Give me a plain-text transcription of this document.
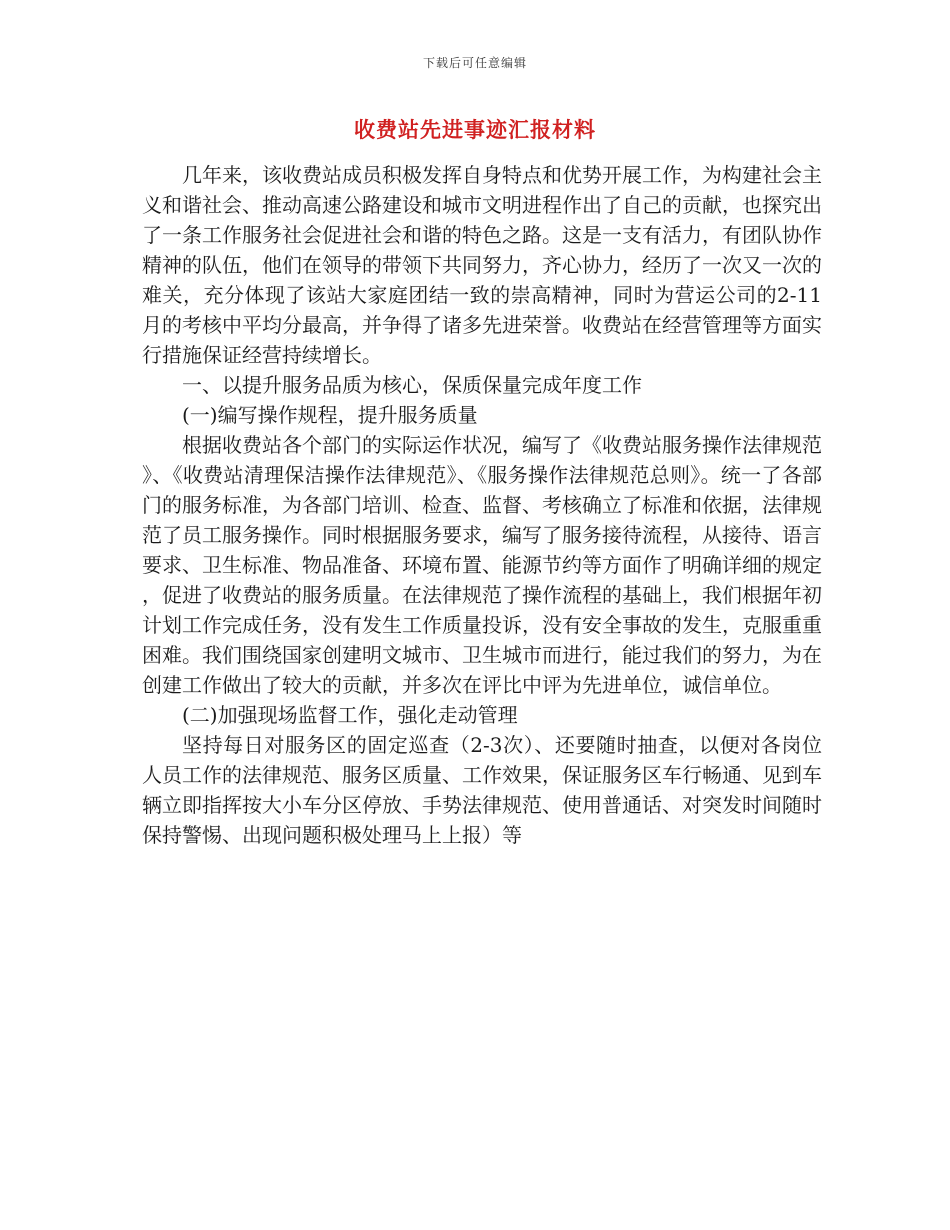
下载后可任意编辑
收费站先进事迹汇报材料

几年来，该收费站成员积极发挥自身特点和优势开展工作，为构建社会主义和谐社会、推动高速公路建设和城市文明进程作出了自己的贡献，也探究出了一条工作服务社会促进社会和谐的特色之路。这是一支有活力，有团队协作精神的队伍，他们在领导的带领下共同努力，齐心协力，经历了一次又一次的难关，充分体现了该站大家庭团结一致的崇高精神，同时为营运公司的2-11月的考核中平均分最高，并争得了诸多先进荣誉。收费站在经营管理等方面实行措施保证经营持续增长。

一、以提升服务品质为核心，保质保量完成年度工作

(一)编写操作规程，提升服务质量

根据收费站各个部门的实际运作状况，编写了《收费站服务操作法律规范》、《收费站清理保洁操作法律规范》、《服务操作法律规范总则》。统一了各部门的服务标准，为各部门培训、检查、监督、考核确立了标准和依据，法律规范了员工服务操作。同时根据服务要求，编写了服务接待流程，从接待、语言要求、卫生标准、物品准备、环境布置、能源节约等方面作了明确详细的规定，促进了收费站的服务质量。在法律规范了操作流程的基础上，我们根据年初计划工作完成任务，没有发生工作质量投诉，没有安全事故的发生，克服重重困难。我们围绕国家创建明文城市、卫生城市而进行，能过我们的努力，为在创建工作做出了较大的贡献，并多次在评比中评为先进单位，诚信单位。

(二)加强现场监督工作，强化走动管理

坚持每日对服务区的固定巡查（2-3次）、还要随时抽查，以便对各岗位人员工作的法律规范、服务区质量、工作效果，保证服务区车行畅通、见到车辆立即指挥按大小车分区停放、手势法律规范、使用普通话、对突发时间随时保持警惕、出现问题积极处理马上上报）等
